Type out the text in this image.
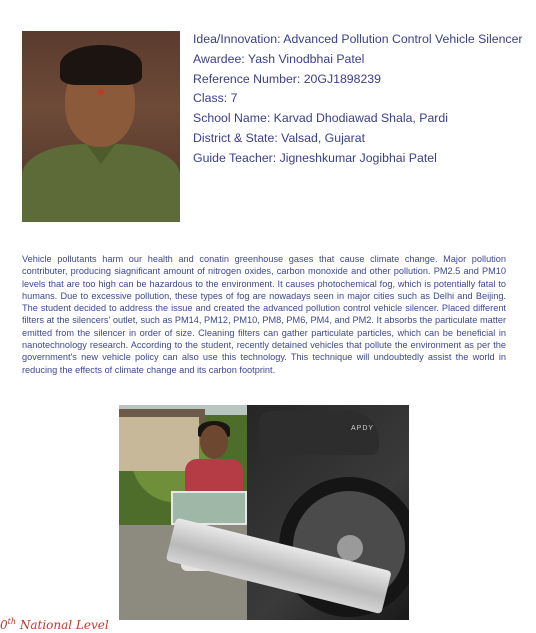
Idea/Innovation: Advanced Pollution Control Vehicle Silencer
Awardee: Yash Vinodbhai Patel
Reference Number: 20GJ1898239
Class: 7
School Name: Karvad Dhodiawad Shala, Pardi
District & State: Valsad, Gujarat
Guide Teacher: Jigneshkumar Jogibhai Patel

Vehicle pollutants harm our health and conatin greenhouse gases that cause climate change. Major pollution contributer, producing siagnificant amount of nitrogen oxides, carbon monoxide and other pollution. PM2.5 and PM10 levels that are too high can be hazardous to the environment. It causes photochemical fog, which is potentially fatal to humans. Due to excessive pollution, these types of fog are nowadays seen in major cities such as Delhi and Beijing. The student decided to address the issue and created the advanced pollution control vehicle silencer. Placed different filters at the silencers' outlet, such as PM14, PM12, PM10, PM8, PM6, PM4, and PM2. It absorbs the particulate matter emitted from the silencer in order of size. Cleaning filters can gather particulate particles, which can be beneficial in nanotechnology research. According to the student, recently detained vehicles that pollute the environment as per the government's new vehicle policy can also use this technology. This technique will undoubtedly assist the world in reducing the effects of climate change and its carbon footprint.

APDY
0th National Level
